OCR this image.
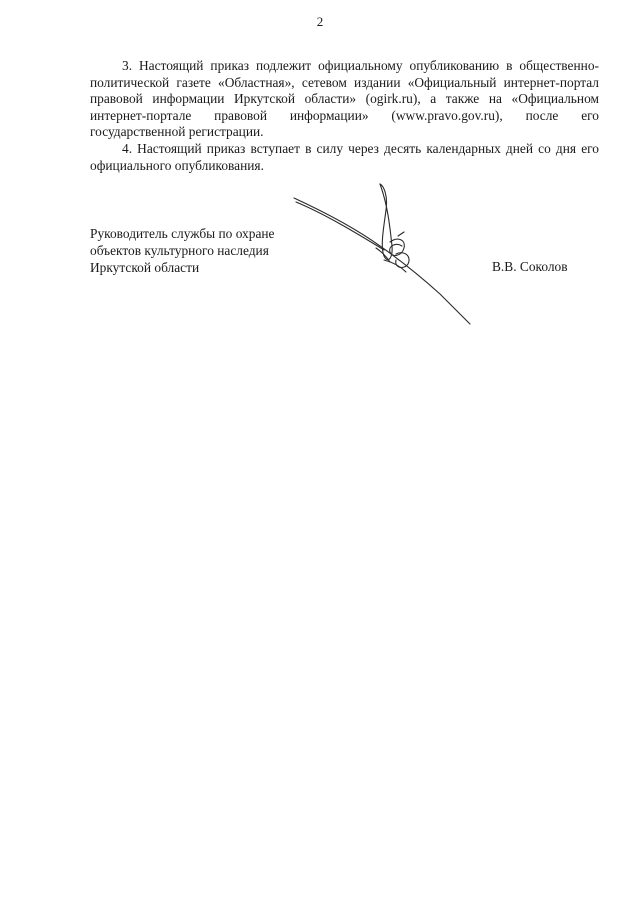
2

3. Настоящий приказ подлежит официальному опубликованию в общественно-политической газете «Областная», сетевом издании «Официальный интернет-портал правовой информации Иркутской области» (ogirk.ru), а также на «Официальном интернет-портале правовой информации» (www.pravo.gov.ru), после его государственной регистрации.

4. Настоящий приказ вступает в силу через десять календарных дней со дня его официального опубликования.

Руководитель службы по охране
объектов культурного наследия
Иркутской области	В.В. Соколов
